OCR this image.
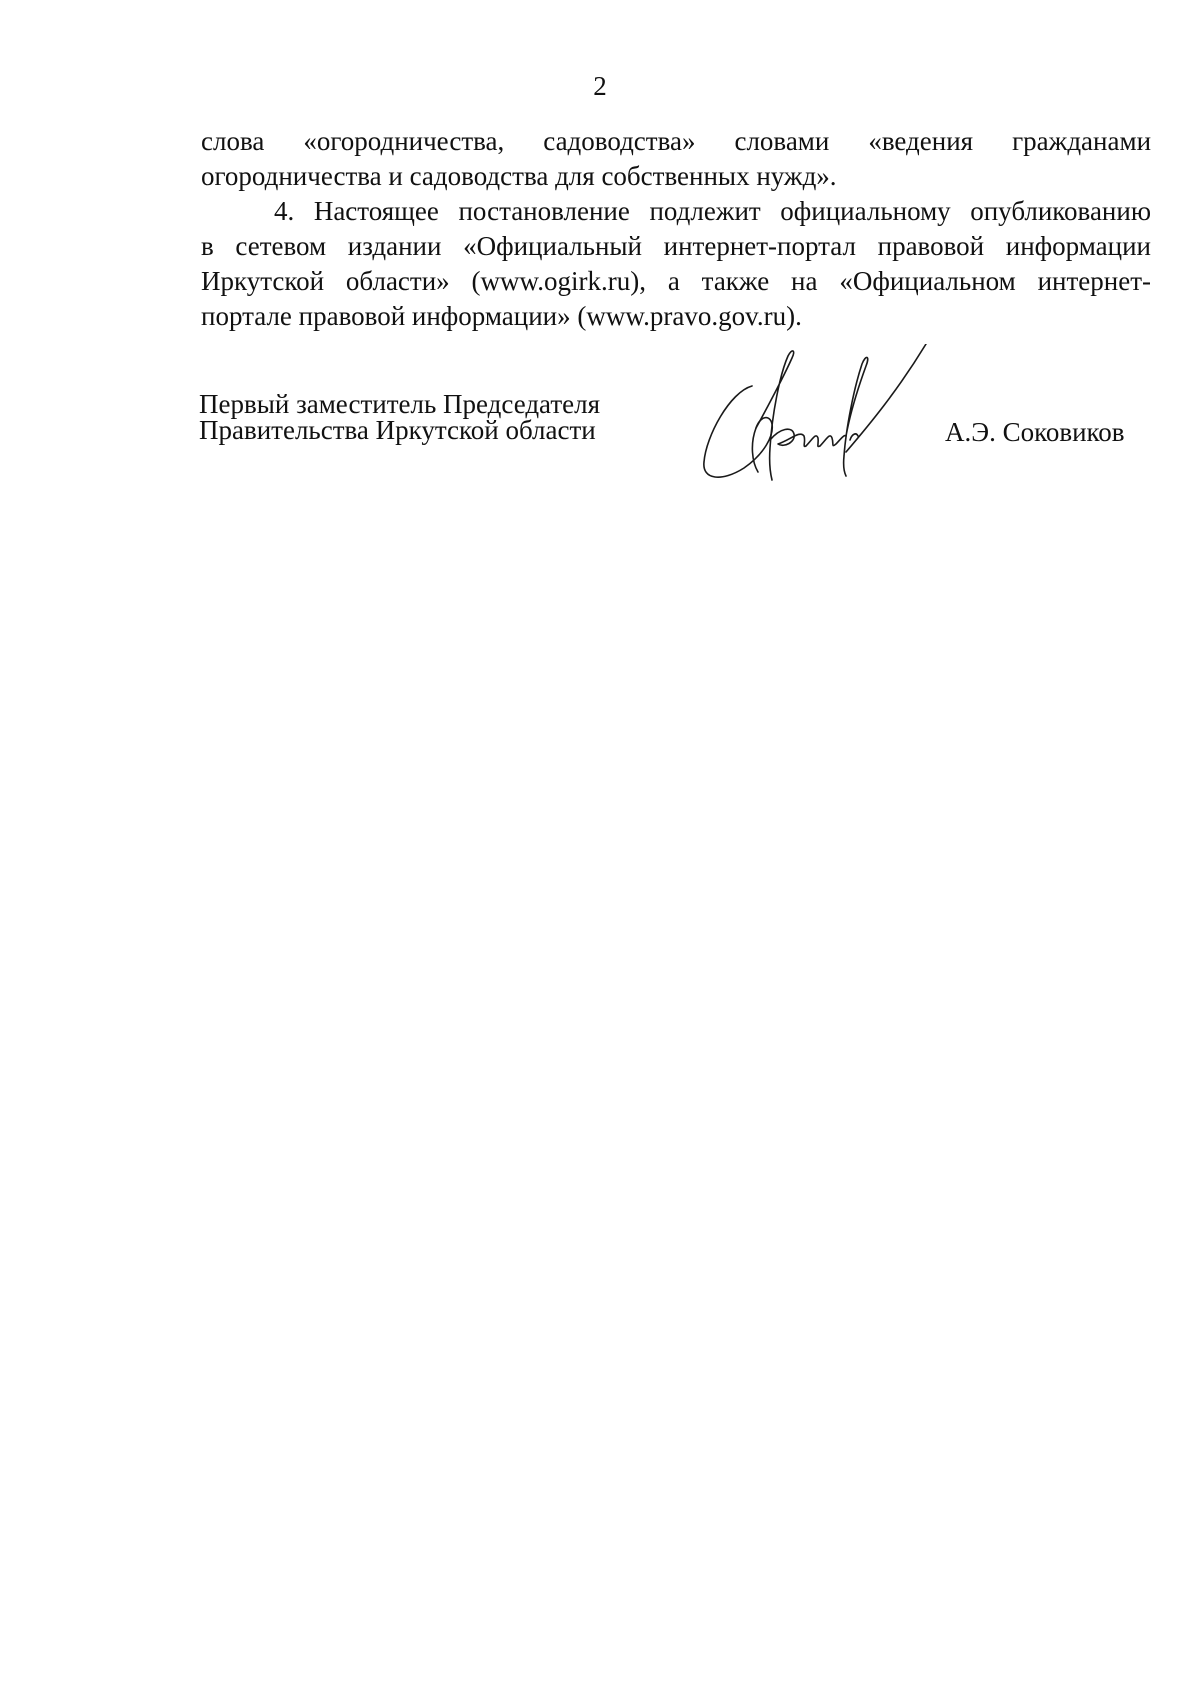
2
слова «огородничества, садоводства» словами «ведения гражданами
огородничества и садоводства для собственных нужд».
4. Настоящее постановление подлежит официальному опубликованию
в сетевом издании «Официальный интернет-портал правовой информации
Иркутской области» (www.ogirk.ru), а также на «Официальном интернет-
портале правовой информации» (www.pravo.gov.ru).
Первый заместитель Председателя
Правительства Иркутской области	А.Э. Соковиков
